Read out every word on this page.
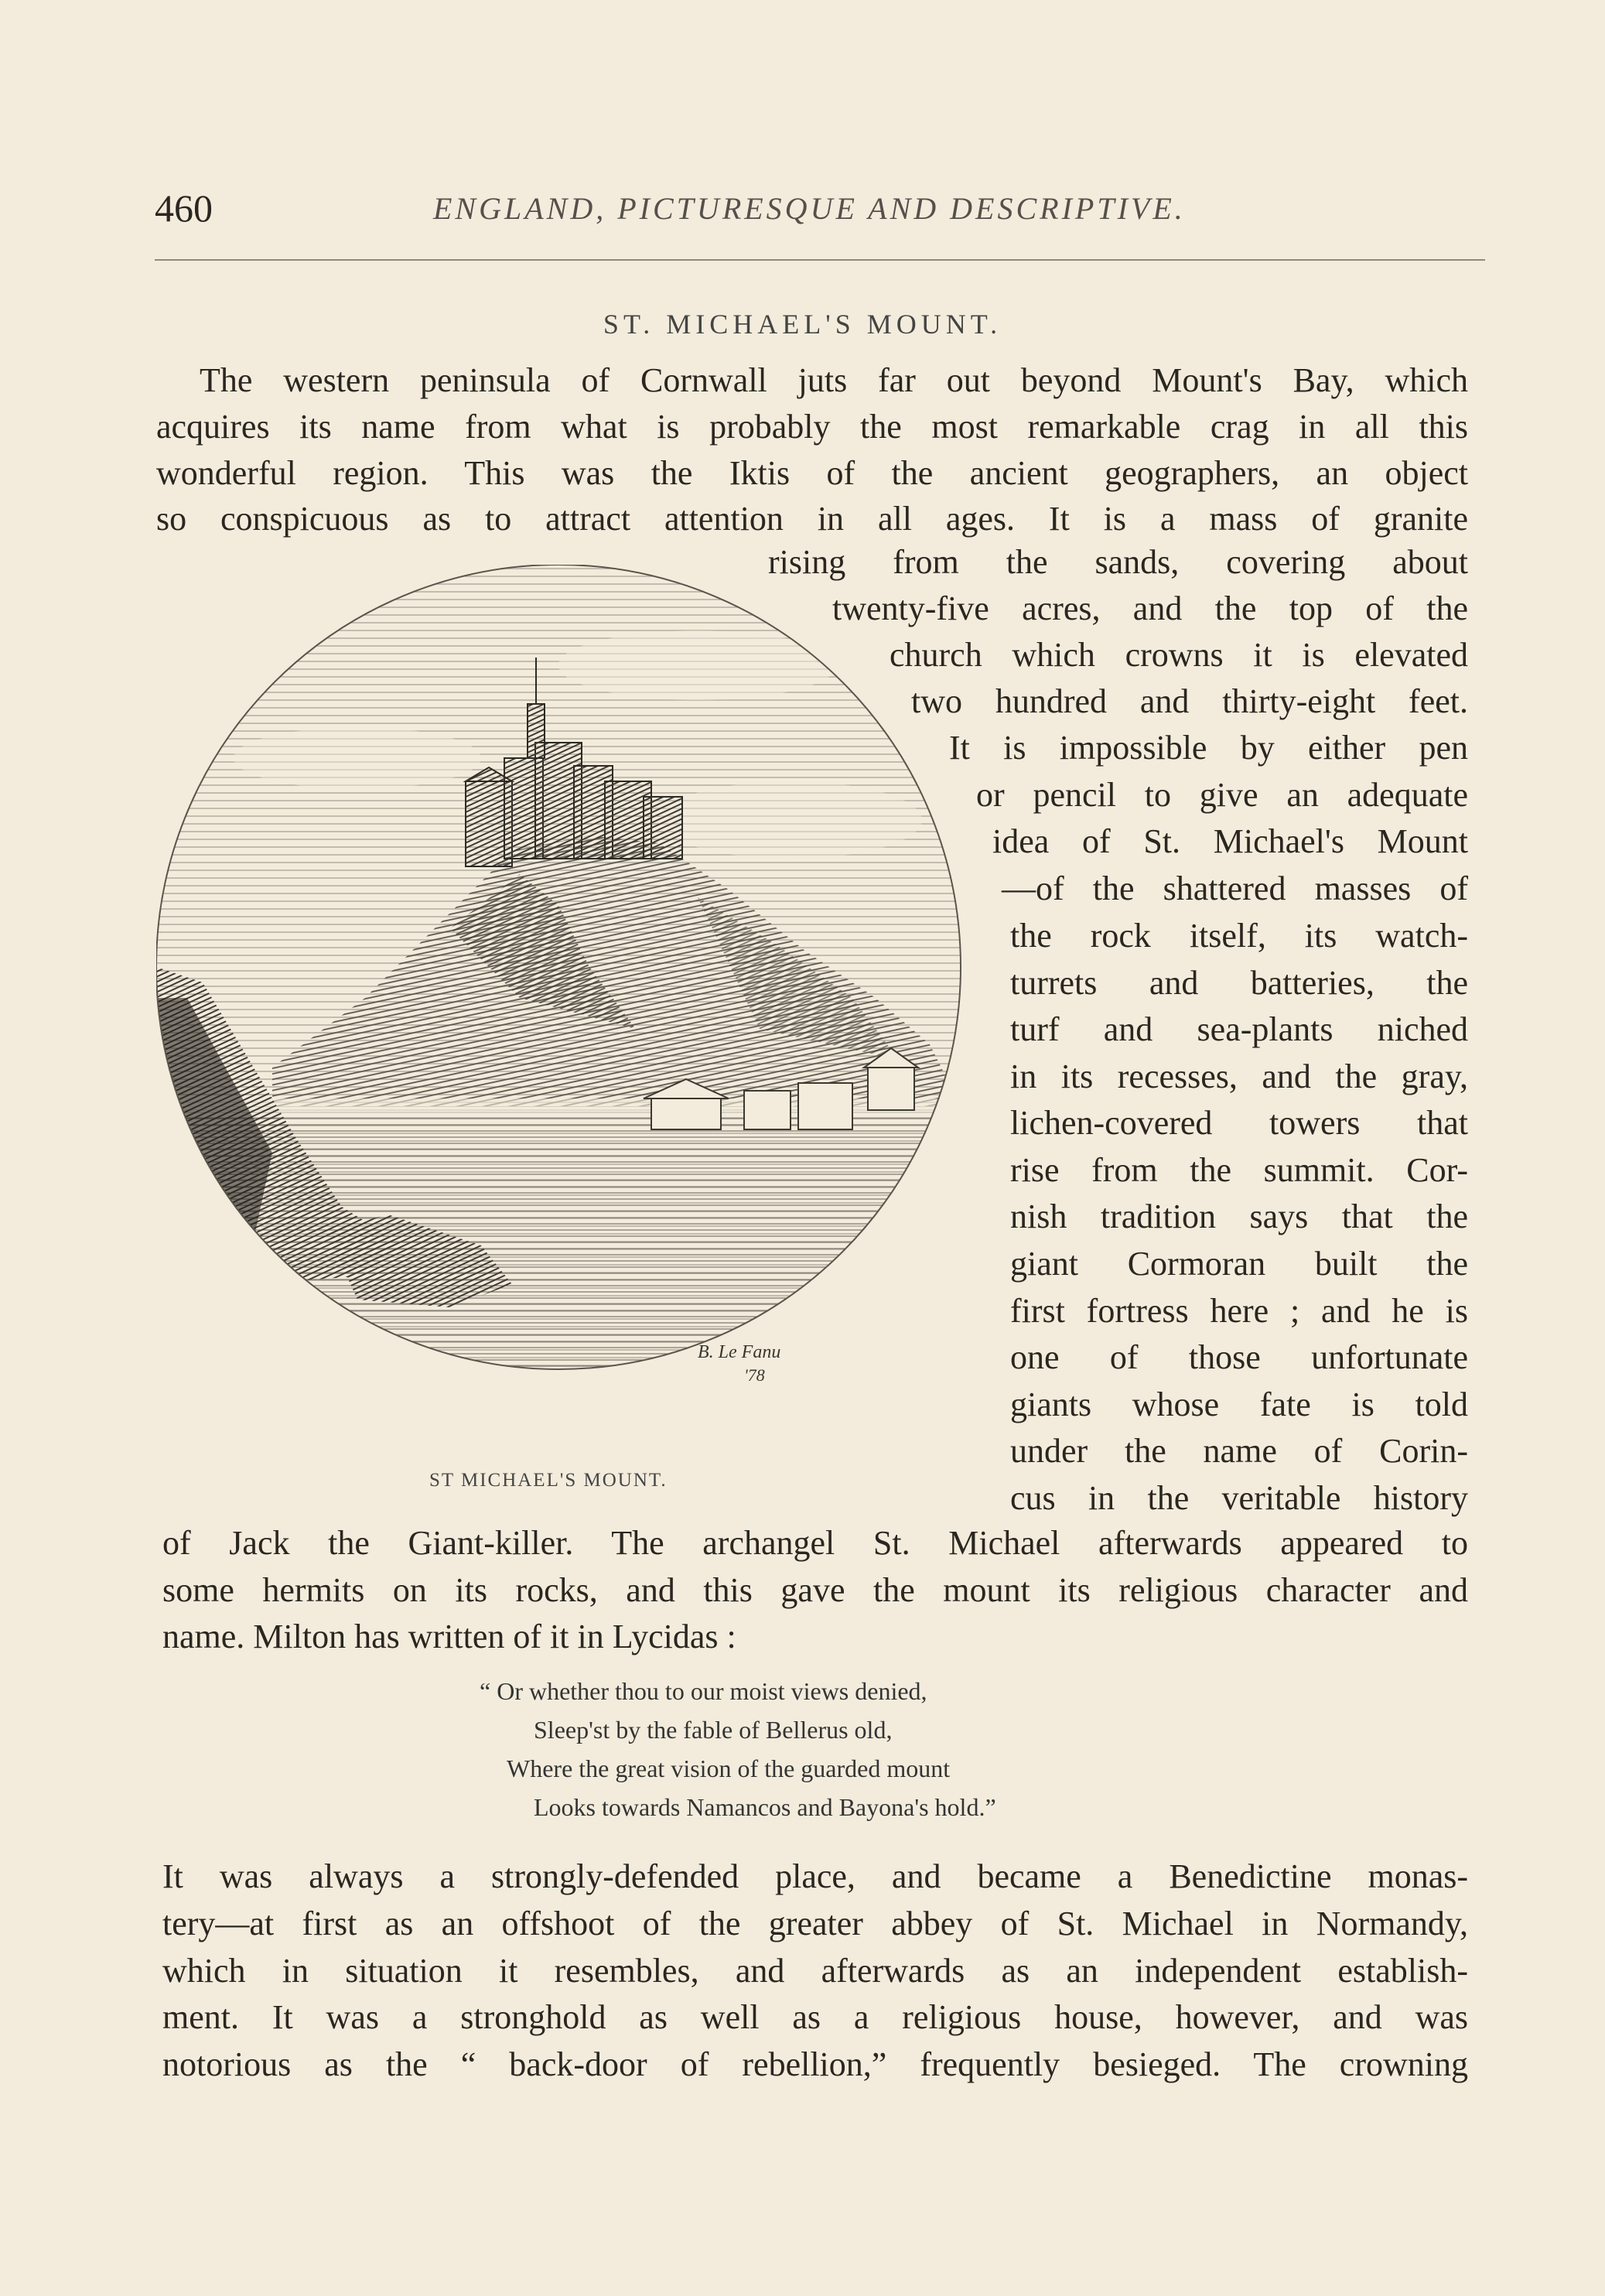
460	ENGLAND, PICTURESQUE AND DESCRIPTIVE.
ST. MICHAEL'S MOUNT.
The western peninsula of Cornwall juts far out beyond Mount's Bay, which
acquires its name from what is probably the most remarkable crag in all this
wonderful region. This was the Iktis of the ancient geographers, an object
so conspicuous as to attract attention in all ages. It is a mass of granite
rising from the sands, covering about
twenty-five acres, and the top of the
church which crowns it is elevated
two hundred and thirty-eight feet.
It is impossible by either pen
or pencil to give an adequate
idea of St. Michael's Mount
—of the shattered masses of
the rock itself, its watch-
turrets and batteries, the
turf and sea-plants niched
in its recesses, and the gray,
lichen-covered towers that
rise from the summit. Cor-
nish tradition says that the
giant Cormoran built the
first fortress here ; and he is
one of those unfortunate
giants whose fate is told
under the name of Corin-
cus in the veritable history
of Jack the Giant-killer. The archangel St. Michael afterwards appeared to
some hermits on its rocks, and this gave the mount its religious character and
name. Milton has written of it in Lycidas :
B. Le Fanu
'78
ST MICHAEL'S MOUNT.
“ Or whether thou to our moist views denied,
Sleep'st by the fable of Bellerus old,
Where the great vision of the guarded mount
Looks towards Namancos and Bayona's hold.”
It was always a strongly-defended place, and became a Benedictine monas-
tery—at first as an offshoot of the greater abbey of St. Michael in Normandy,
which in situation it resembles, and afterwards as an independent establish-
ment. It was a stronghold as well as a religious house, however, and was
notorious as the “ back-door of rebellion,” frequently besieged. The crowning
